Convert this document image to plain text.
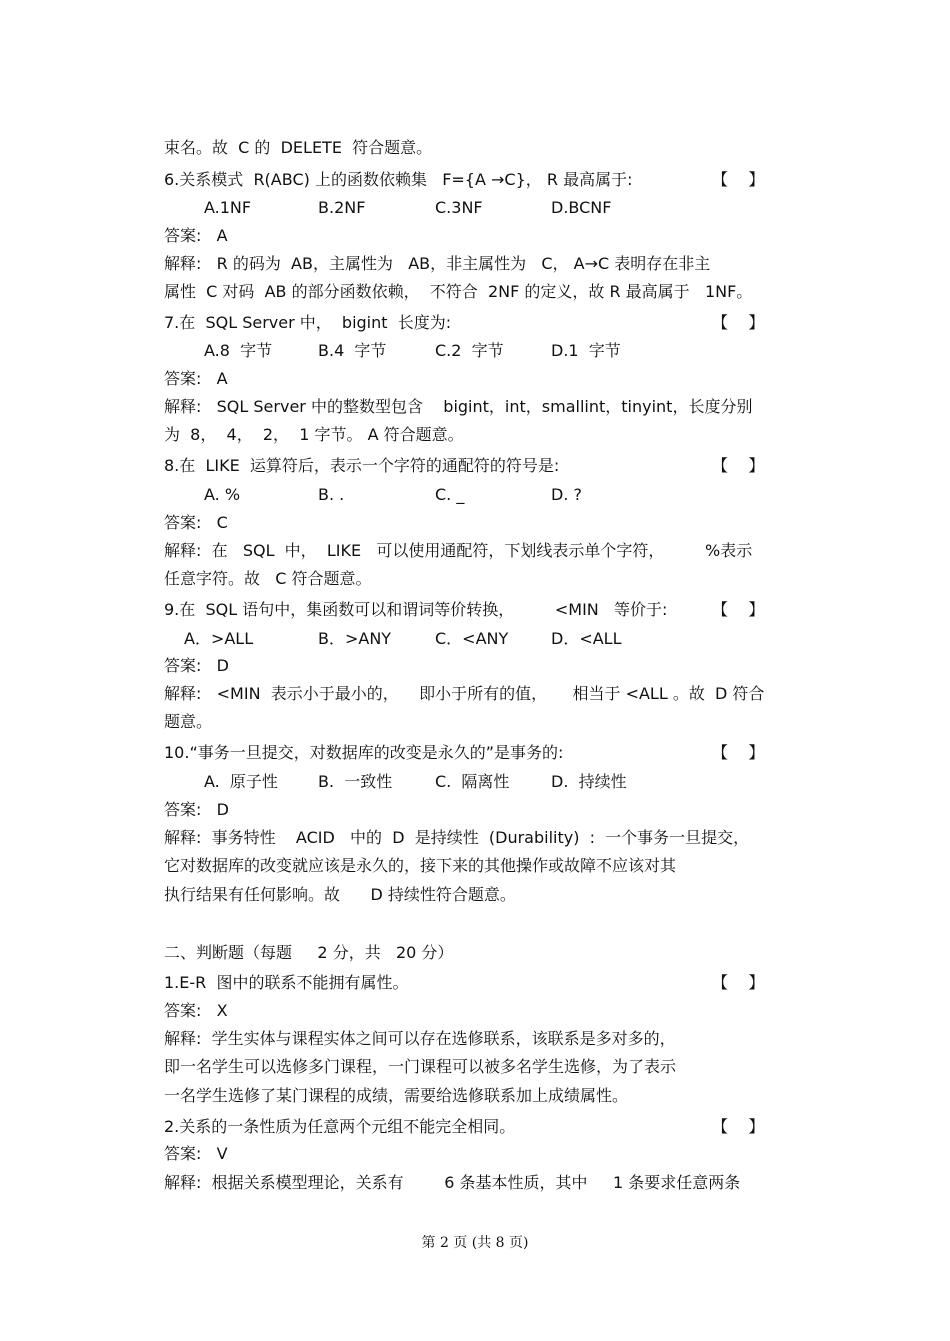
束名。故  C 的  DELETE  符合题意。
6.关系模式  R(ABC) 上的函数依赖集   F={A →C}， R 最高属于:	【    】
A.1NF	B.2NF	C.3NF	D.BCNF
答案:   A
解释:   R 的码为  AB，主属性为   AB，非主属性为   C， A→C 表明存在非主
属性  C 对码  AB 的部分函数依赖，  不符合  2NF 的定义，故 R 最高属于   1NF。
7.在  SQL Server 中，  bigint  长度为:	【    】
A.8  字节	B.4  字节	C.2  字节	D.1  字节
答案:   A
解释:   SQL Server 中的整数型包含    bigint，int，smallint，tinyint，长度分别
为  8，  4，  2，  1 字节。 A 符合题意。
8.在  LIKE  运算符后，表示一个字符的通配符的符号是:	【    】
A. %	B. .	C. _	D. ?
答案:   C
解释:  在   SQL  中，  LIKE   可以使用通配符，下划线表示单个字符，        %表示
任意字符。故   C 符合题意。
9.在  SQL 语句中，集函数可以和谓词等价转换，        <MIN   等价于:	【    】
A．>ALL	B．>ANY	C．<ANY	D．<ALL
答案:   D
解释:   <MIN  表示小于最小的，    即小于所有的值，     相当于 <ALL 。故  D 符合
题意。
10.“事务一旦提交，对数据库的改变是永久的”是事务的:	【    】
A.  原子性	B.  一致性	C.  隔离性	D.  持续性
答案:   D
解释:  事务特性    ACID   中的  D  是持续性  (Durability)  :  一个事务一旦提交，
它对数据库的改变就应该是永久的，接下来的其他操作或故障不应该对其
执行结果有任何影响。故      D 持续性符合题意。
二、判断题（每题     2 分，共   20 分）
1.E-R  图中的联系不能拥有属性。	【    】
答案:   X
解释:  学生实体与课程实体之间可以存在选修联系，该联系是多对多的，
即一名学生可以选修多门课程，一门课程可以被多名学生选修，为了表示
一名学生选修了某门课程的成绩，需要给选修联系加上成绩属性。
2.关系的一条性质为任意两个元组不能完全相同。	【    】
答案:   V
解释:  根据关系模型理论，关系有        6 条基本性质，其中     1 条要求任意两条
第 2 页 (共 8 页)
